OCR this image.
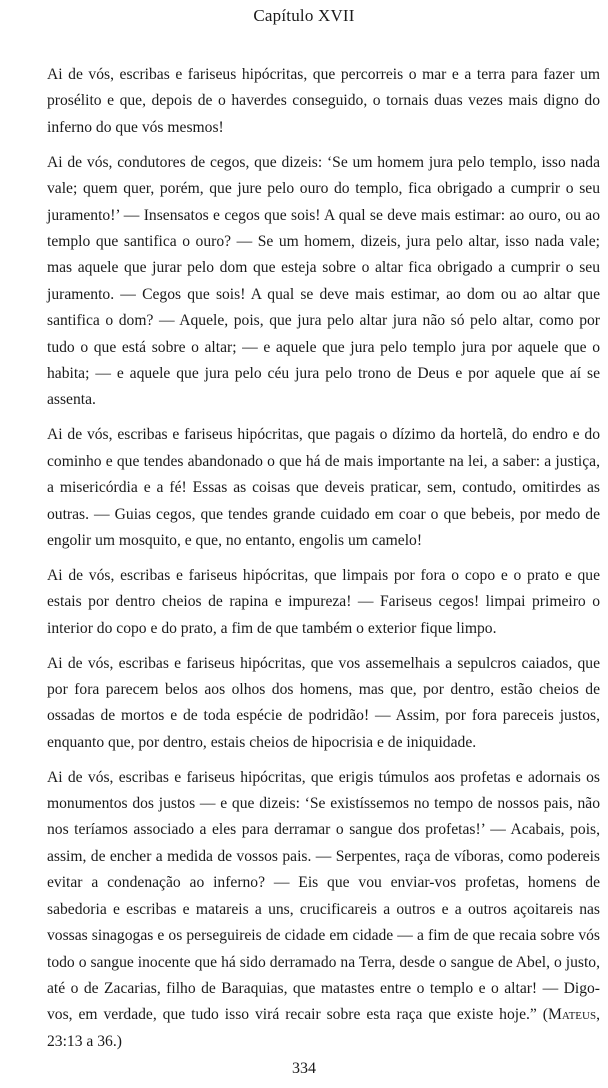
Capítulo XVII

Ai de vós, escribas e fariseus hipócritas, que percorreis o mar e a terra para fazer um prosélito e que, depois de o haverdes conseguido, o tornais duas vezes mais digno do inferno do que vós mesmos!

Ai de vós, condutores de cegos, que dizeis: ‘Se um homem jura pelo templo, isso nada vale; quem quer, porém, que jure pelo ouro do templo, fica obrigado a cumprir o seu juramento!’ — Insensatos e cegos que sois! A qual se deve mais estimar: ao ouro, ou ao templo que santifica o ouro? — Se um homem, dizeis, jura pelo altar, isso nada vale; mas aquele que jurar pelo dom que esteja sobre o altar fica obrigado a cumprir o seu juramento. — Cegos que sois! A qual se deve mais estimar, ao dom ou ao altar que santifica o dom? — Aquele, pois, que jura pelo altar jura não só pelo altar, como por tudo o que está sobre o altar; — e aquele que jura pelo templo jura por aquele que o habita; — e aquele que jura pelo céu jura pelo trono de Deus e por aquele que aí se assenta.

Ai de vós, escribas e fariseus hipócritas, que pagais o dízimo da hortelã, do endro e do cominho e que tendes abandonado o que há de mais importante na lei, a saber: a justiça, a misericórdia e a fé! Essas as coisas que deveis praticar, sem, contudo, omitirdes as outras. — Guias cegos, que tendes grande cuidado em coar o que bebeis, por medo de engolir um mosquito, e que, no entanto, engolis um camelo!

Ai de vós, escribas e fariseus hipócritas, que limpais por fora o copo e o prato e que estais por dentro cheios de rapina e impureza! — Fariseus cegos! limpai primeiro o interior do copo e do prato, a fim de que também o exterior fique limpo.

Ai de vós, escribas e fariseus hipócritas, que vos assemelhais a sepulcros caiados, que por fora parecem belos aos olhos dos homens, mas que, por dentro, estão cheios de ossadas de mortos e de toda espécie de podridão! — Assim, por fora pareceis justos, enquanto que, por dentro, estais cheios de hipocrisia e de iniquidade.

Ai de vós, escribas e fariseus hipócritas, que erigis túmulos aos profetas e adornais os monumentos dos justos — e que dizeis: ‘Se existíssemos no tempo de nossos pais, não nos teríamos associado a eles para derramar o sangue dos profetas!’ — Acabais, pois, assim, de encher a medida de vossos pais. — Serpentes, raça de víboras, como podereis evitar a condenação ao inferno? — Eis que vou enviar-vos profetas, homens de sabedoria e escribas e matareis a uns, crucificareis a outros e a outros açoitareis nas vossas sinagogas e os perseguireis de cidade em cidade — a fim de que recaia sobre vós todo o sangue inocente que há sido derramado na Terra, desde o sangue de Abel, o justo, até o de Zacarias, filho de Baraquias, que matastes entre o templo e o altar! — Digo-vos, em verdade, que tudo isso virá recair sobre esta raça que existe hoje.” (Mateus, 23:13 a 36.)

334
